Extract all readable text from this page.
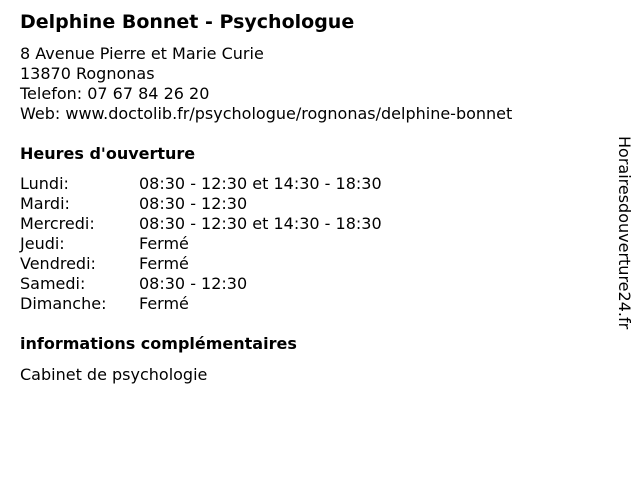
Delphine Bonnet - Psychologue
8 Avenue Pierre et Marie Curie
13870 Rognonas
Telefon: 07 67 84 26 20
Web: www.doctolib.fr/psychologue/rognonas/delphine-bonnet
Heures d'ouverture
Lundi:	08:30 - 12:30 et 14:30 - 18:30
Mardi:	08:30 - 12:30
Mercredi:	08:30 - 12:30 et 14:30 - 18:30
Jeudi:	Fermé
Vendredi:	Fermé
Samedi:	08:30 - 12:30
Dimanche: Fermé
informations complémentaires
Cabinet de psychologie
Horairesdouverture24.fr
